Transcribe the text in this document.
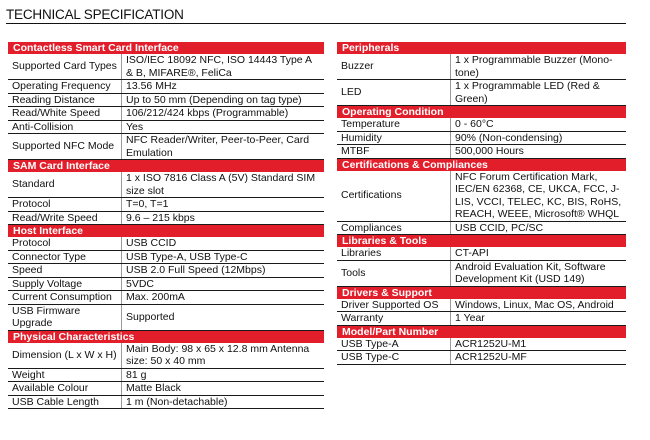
TECHNICAL SPECIFICATION
Contactless Smart Card Interface
Supported Card Types	ISO/IEC 18092 NFC, ISO 14443 Type A & B, MIFARE®, FeliCa
Operating Frequency	13.56 MHz
Reading Distance	Up to 50 mm (Depending on tag type)
Read/White Speed	106/212/424 kbps (Programmable)
Anti-Collision	Yes
Supported NFC Mode	NFC Reader/Writer, Peer-to-Peer, Card Emulation
SAM Card Interface
Standard	1 x ISO 7816 Class A (5V) Standard SIM size slot
Protocol	T=0, T=1
Read/Write Speed	9.6 – 215 kbps
Host Interface
Protocol	USB CCID
Connector Type	USB Type-A, USB Type-C
Speed	USB 2.0 Full Speed (12Mbps)
Supply Voltage	5VDC
Current Consumption	Max. 200mA
USB Firmware Upgrade	Supported
Physical Characteristics
Dimension (L x W x H)	Main Body: 98 x 65 x 12.8 mm Antenna size: 50 x 40 mm
Weight	81 g
Available Colour	Matte Black
USB Cable Length	1 m (Non-detachable)
Peripherals
Buzzer	1 x Programmable Buzzer (Mono-tone)
LED	1 x Programmable LED (Red & Green)
Operating Condition
Temperature	0 - 60°C
Humidity	90% (Non-condensing)
MTBF	500,000 Hours
Certifications & Compliances
Certifications	NFC Forum Certification Mark, IEC/EN 62368, CE, UKCA, FCC, J-LIS, VCCI, TELEC, KC, BIS, RoHS, REACH, WEEE, Microsoft® WHQL
Compliances	USB CCID, PC/SC
Libraries & Tools
Libraries	CT-API
Tools	Android Evaluation Kit, Software Development Kit (USD 149)
Drivers & Support
Driver Supported OS	Windows, Linux, Mac OS, Android
Warranty	1 Year
Model/Part Number
USB Type-A	ACR1252U-M1
USB Type-C	ACR1252U-MF
